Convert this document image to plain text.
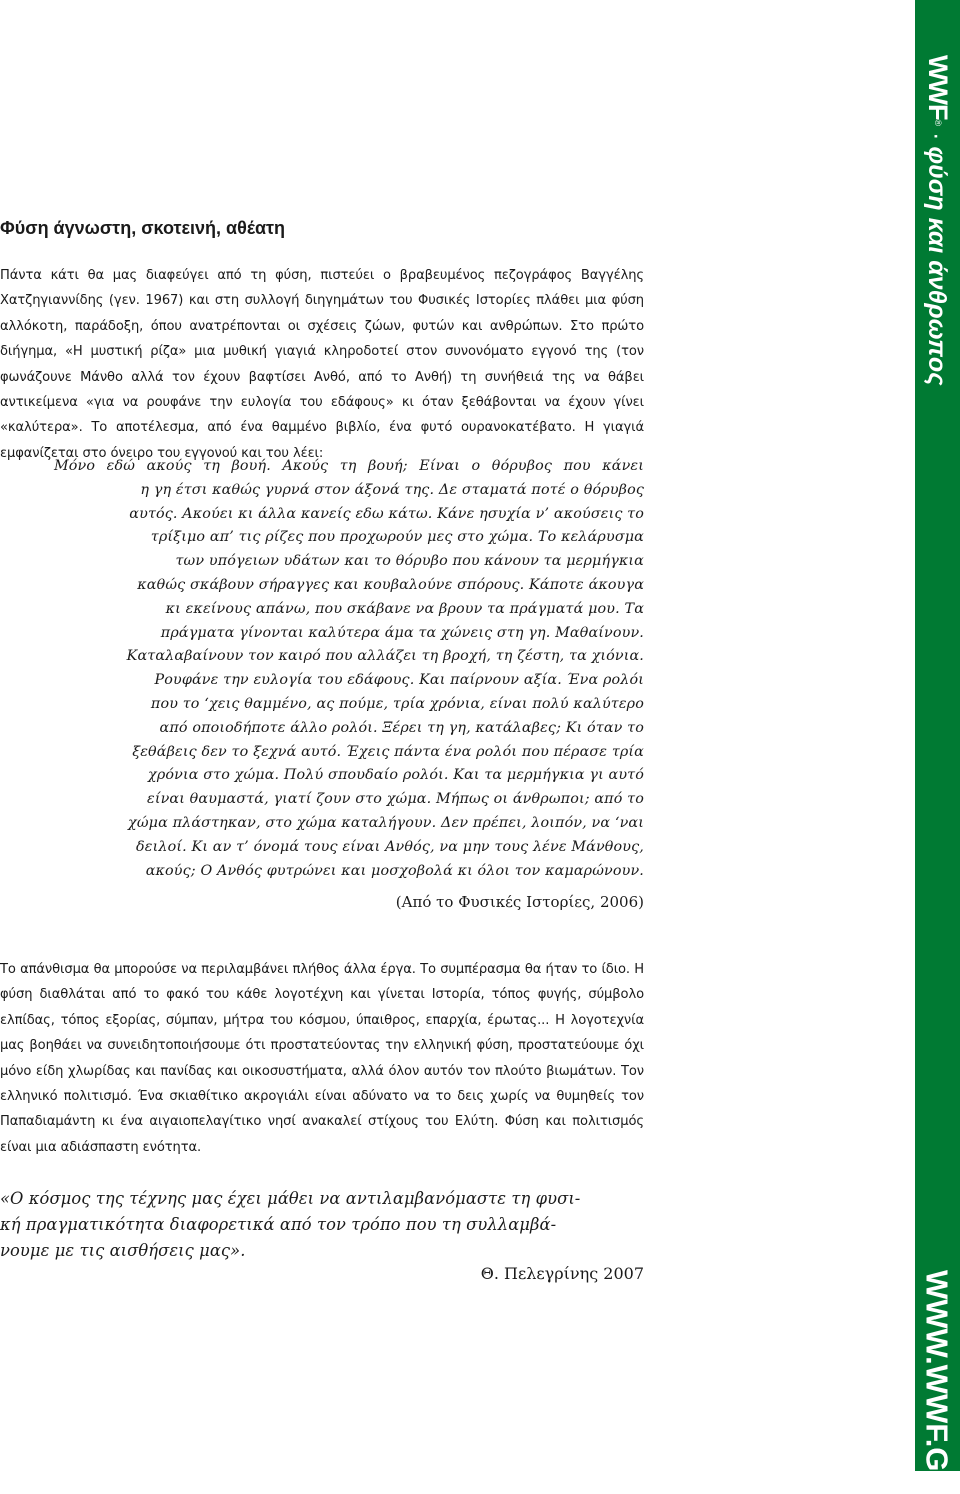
WWF®·φύση και άνθρωπος
WWW.WWF.GR
Φύση άγνωστη, σκοτεινή, αθέατη

Πάντα κάτι θα μας διαφεύγει από τη φύση, πιστεύει ο βραβευμένος πεζογράφος Βαγγέλης Χατζηγιαννίδης (γεν. 1967) και στη συλλογή διηγημάτων του Φυσικές Ιστορίες πλάθει μια φύση αλλόκοτη, παράδοξη, όπου ανατρέπονται οι σχέσεις ζώων, φυτών και ανθρώπων. Στο πρώτο διήγημα, «Η μυστική ρίζα» μια μυθική γιαγιά κληροδοτεί στον συνονόματο εγγονό της (τον φωνάζουνε Μάνθο αλλά τον έχουν βαφτίσει Ανθό, από το Ανθή) τη συνήθειά της να θάβει αντικείμενα «για να ρουφάνε την ευλογία του εδάφους» κι όταν ξεθάβονται να έχουν γίνει «καλύτερα». Το αποτέλεσμα, από ένα θαμμένο βιβλίο, ένα φυτό ουρανοκατέβατο. Η γιαγιά εμφανίζεται στο όνειρο του εγγονού και του λέει:

Μόνο εδώ ακούς τη βουή. Ακούς τη βουή; Είναι ο θόρυβος που κάνει

η γη έτσι καθώς γυρνά στον άξονά της. Δε σταματά ποτέ ο θόρυβος

αυτός. Ακούει κι άλλα κανείς εδω κάτω. Κάνε ησυχία ν’ ακούσεις το

τρίξιμο απ’ τις ρίζες που προχωρούν μες στο χώμα. Το κελάρυσμα

των υπόγειων υδάτων και το θόρυβο που κάνουν τα μερμήγκια

καθώς σκάβουν σήραγγες και κουβαλούνε σπόρους. Κάποτε άκουγα

κι εκείνους απάνω, που σκάβανε να βρουν τα πράγματά μου. Τα

πράγματα γίνονται καλύτερα άμα τα χώνεις στη γη. Μαθαίνουν.

Καταλαβαίνουν τον καιρό που αλλάζει τη βροχή, τη ζέστη, τα χιόνια.

Ρουφάνε την ευλογία του εδάφους. Και παίρνουν αξία. Ένα ρολόι

που το ‘χεις θαμμένο, ας πούμε, τρία χρόνια, είναι πολύ καλύτερο

από οποιοδήποτε άλλο ρολόι. Ξέρει τη γη, κατάλαβες; Κι όταν το

ξεθάβεις δεν το ξεχνά αυτό. Έχεις πάντα ένα ρολόι που πέρασε τρία

χρόνια στο χώμα. Πολύ σπουδαίο ρολόι. Και τα μερμήγκια γι αυτό

είναι θαυμαστά, γιατί ζουν στο χώμα. Μήπως οι άνθρωποι; από το

χώμα πλάστηκαν, στο χώμα καταλήγουν. Δεν πρέπει, λοιπόν, να ‘ναι

δειλοί. Κι αν τ’ όνομά τους είναι Ανθός, να μην τους λένε Μάνθους,

ακούς; Ο Ανθός φυτρώνει και μοσχοβολά κι όλοι τον καμαρώνουν.

(Από το Φυσικές Ιστορίες, 2006)

Το απάνθισμα θα μπορούσε να περιλαμβάνει πλήθος άλλα έργα. Το συμπέρασμα θα ήταν το ίδιο. Η φύση διαθλάται από το φακό του κάθε λογοτέχνη και γίνεται Ιστορία, τόπος φυγής, σύμβολο ελπίδας, τόπος εξορίας, σύμπαν, μήτρα του κόσμου, ύπαιθρος, επαρχία, έρωτας... Η λογοτεχνία μας βοηθάει να συνειδητοποιήσουμε ότι προστατεύοντας την ελληνική φύση, προστατεύουμε όχι μόνο είδη χλωρίδας και πανίδας και οικοσυστήματα, αλλά όλον αυτόν τον πλούτο βιωμάτων. Τον ελληνικό πολιτισμό. Ένα σκιαθίτικο ακρογιάλι είναι αδύνατο να το δεις χωρίς να θυμηθείς τον Παπαδιαμάντη κι ένα αιγαιοπελαγίτικο νησί ανακαλεί στίχους του Ελύτη. Φύση και πολιτισμός είναι μια αδιάσπαστη ενότητα.

«Ο κόσμος της τέχνης μας έχει μάθει να αντιλαμβανόμαστε τη φυσι-

κή πραγματικότητα διαφορετικά από τον τρόπο που τη συλλαμβά-

νουμε με τις αισθήσεις μας».

Θ. Πελεγρίνης 2007
